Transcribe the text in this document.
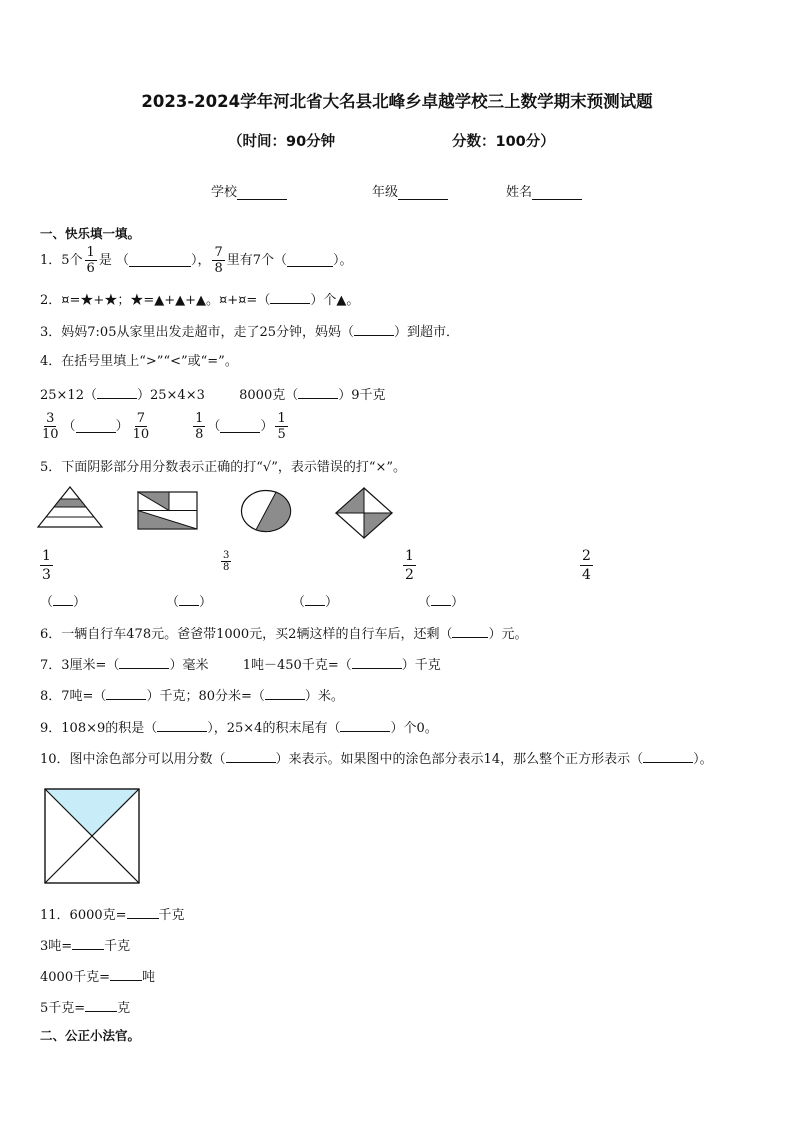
2023-2024学年河北省大名县北峰乡卓越学校三上数学期末预测试题
（时间：90分钟	分数：100分）
学校	年级	姓名
一、快乐填一填。
1．5个 $\frac{1}{6}$ 是 （	）， $\frac{7}{8}$ 里有7个（	）。
2．¤=★+★；★=▲+▲+▲。¤+¤=（	）个▲。
3．妈妈7:05从家里出发走超市，走了25分钟，妈妈（	）到超市．
4．在括号里填上“>”“<”或“=”。
25×12（	）25×4×3	8000克（	）9千克
$\frac{3}{10}$ （	） $\frac{7}{10}$	$\frac{1}{8}$ （	） $\frac{1}{5}$
5．下面阴影部分用分数表示正确的打“√”，表示错误的打“×”。
$\frac{1}{3}$	$\frac{3}{8}$	$\frac{1}{2}$	$\frac{2}{4}$
（ ）	（ ）	（ ）	（ ）
6．一辆自行车478元。爸爸带1000元，买2辆这样的自行车后，还剩（	）元。
7．3厘米=（	）毫米	1吨－450千克=（	）千克
8．7吨=（	）千克；80分米=（	）米。
9．108×9的积是（	），25×4的积末尾有（	）个0。
10．图中涂色部分可以用分数（	）来表示。如果图中的涂色部分表示14，那么整个正方形表示（	）。
11．6000克= 千克
3吨= 千克
4000千克= 吨
5千克= 克
二、公正小法官。
